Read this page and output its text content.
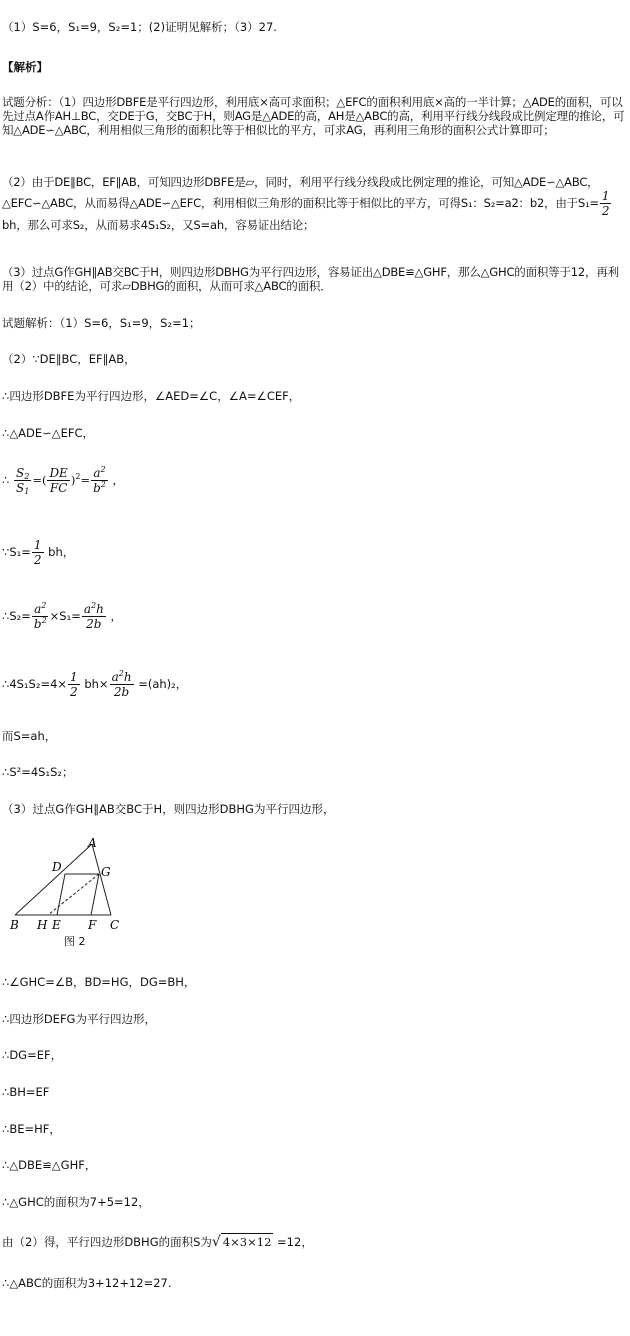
（1）S=6，S₁=9，S₂=1；(2)证明见解析；（3）27.
【解析】
试题分析：（1）四边形DBFE是平行四边形，利用底×高可求面积；△EFC的面积利用底×高的一半计算；△ADE的面积，可以先过点A作AH⊥BC，交DE于G，交BC于H，则AG是△ADE的高，AH是△ABC的高，利用平行线分线段成比例定理的推论，可知△ADE∽△ABC，利用相似三角形的面积比等于相似比的平方，可求AG，再利用三角形的面积公式计算即可；
（2）由于DE∥BC，EF∥AB，可知四边形DBFE是▱，同时，利用平行线分线段成比例定理的推论，可知△ADE∽△ABC，△EFC∽△ABC，从而易得△ADE∽△EFC，利用相似三角形的面积比等于相似比的平方，可得S₁：S₂=a2：b2，由于$S_1= \frac{1}{2}$
bh，那么可求S₂，从而易求4S₁S₂，又S=ah，容易证出结论；
（3）过点G作GH∥AB交BC于H，则四边形DBHG为平行四边形，容易证出△DBE≌△GHF，那么△GHC的面积等于12，再利用（2）中的结论，可求▱DBHG的面积，从而可求△ABC的面积．
试题解析：（1）S=6，S₁=9，S₂=1；
（2）∵DE∥BC，EF∥AB，
∴四边形DBFE为平行四边形，∠AED=∠C，∠A=∠CEF，
∴△ADE∽△EFC，
∴ $\frac{S_2}{S_1}$ =( $\frac{DE}{FC} )^2= \frac{a^2}{b^2}$ ，
∵S₁= $\frac{1}{2}$ bh，
∴S₂= $\frac{a^2}{b^2} \times S_1= \frac{a^2h}{2b}$ ，
∴4S₁S₂=4× $\frac{1}{2} bh\times \frac{a^2h}{2b} =(ah)_2$，
而S=ah，
∴S²=4S₁S₂；
（3）过点G作GH∥AB交BC于H，则四边形DBHG为平行四边形，
A
D	G
B H E F C
图 2
∴∠GHC=∠B，BD=HG，DG=BH，
∴四边形DEFG为平行四边形，
∴DG=EF，
∴BH=EF
∴BE=HF，
∴△DBE≌△GHF，
∴△GHC的面积为7+5=12，
由（2）得，平行四边形DBHG的面积S为√ 4×3×12 =12，
∴△ABC的面积为3+12+12=27.
